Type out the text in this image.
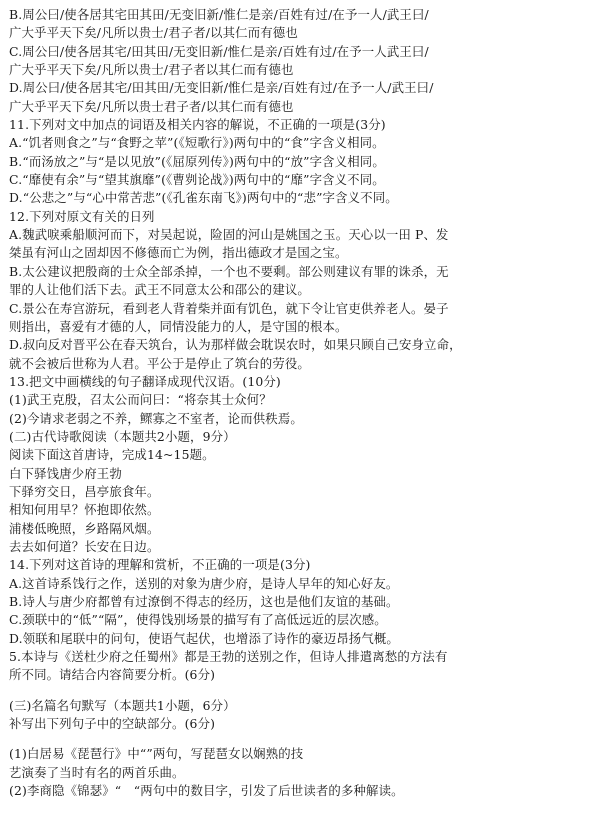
B.周公曰/使各居其宅田其田/无变旧新/惟仁是亲/百姓有过/在予一人/武王曰/
广大乎平天下矣/凡所以贵士/君子者/以其仁而有德也
C.周公曰/使各居其宅/田其田/无变旧新/惟仁是亲/百姓有过/在予一人武王曰/
广大乎平天下矣/凡所以贵士/君子者以其仁而有德也
D.周公曰/使各居其宅/田其田/无变旧新/惟仁是亲/百姓有过/在予一人/武王曰/
广大乎平天下矣/凡所以贵士君子者/以其仁而有德也
11.下列对文中加点的词语及相关内容的解说，不正确的一项是(3分)
A.“饥者则食之”与“食野之苹”(《短歌行》)两句中的“食”字含义相同。
B.“而汤放之”与“是以见放”(《屈原列传》)两句中的“放”字含义相同。
C.“靡使有余”与“望其旗靡”(《曹刿论战》)两句中的“靡”字含义不同。
D.“公悲之”与“心中常苦悲”(《孔雀东南飞》)两句中的“悲”字含义不同。
12.下列对原文有关的日列
A.魏武唳乘船顺河而下，对吴起说，险固的河山是姚国之玉。天心以一田 P、发
桀虽有河山之固却因不修德而亡为例，指出德政才是国之宝。
B.太公建议把殷商的士众全部杀掉，一个也不要剩。部公则建议有罪的诛杀，无
罪的人让他们活下去。武王不同意太公和邵公的建议。
C.景公在寿宫游玩，看到老人背着柴并面有饥色，就下令让官吏供养老人。晏子
则指出，喜爱有才德的人，同情没能力的人，是守国的根本。
D.叔向反对晋平公在春天筑台，认为那样做会耽误农时，如果只顾自己安身立命，
就不会被后世称为人君。平公于是停止了筑台的劳役。
13.把文中画横线的句子翻译成现代汉语。(10分)
(1)武王克殷，召太公而问曰：“将奈其士众何？
(2)今请求老弱之不养，鳏寡之不室者，论而供秩焉。
(二)古代诗歌阅读（本题共2小题，9分）
阅读下面这首唐诗，完成14~15题。
白下驿饯唐少府王勃
下驿穷交日，昌亭旅食年。
相知何用早？怀抱即依然。
浦楼低晚照，乡路隔风烟。
去去如何道？长安在日边。
14.下列对这首诗的理解和赏析，不正确的一项是(3分)
A.这首诗系饯行之作，送别的对象为唐少府，是诗人早年的知心好友。
B.诗人与唐少府都曾有过潦倒不得志的经历，这也是他们友谊的基础。
C.颈联中的“低”“隔”，使得饯别场景的描写有了高低远近的层次感。
D.领联和尾联中的问句，使语气起伏，也增添了诗作的豪迈昂扬气概。
5.本诗与《送杜少府之任蜀州》都是王勃的送别之作，但诗人排遣离愁的方法有
所不同。请结合内容简要分析。(6分)
(三)名篇名句默写（本题共1小题，6分）
补写出下列句子中的空缺部分。(6分)
(1)白居易《琵琶行》中“”两句，写琵琶女以娴熟的技
艺演奏了当时有名的两首乐曲。
(2)李商隐《锦瑟》“　“两句中的数目字，引发了后世读者的多种解读。
